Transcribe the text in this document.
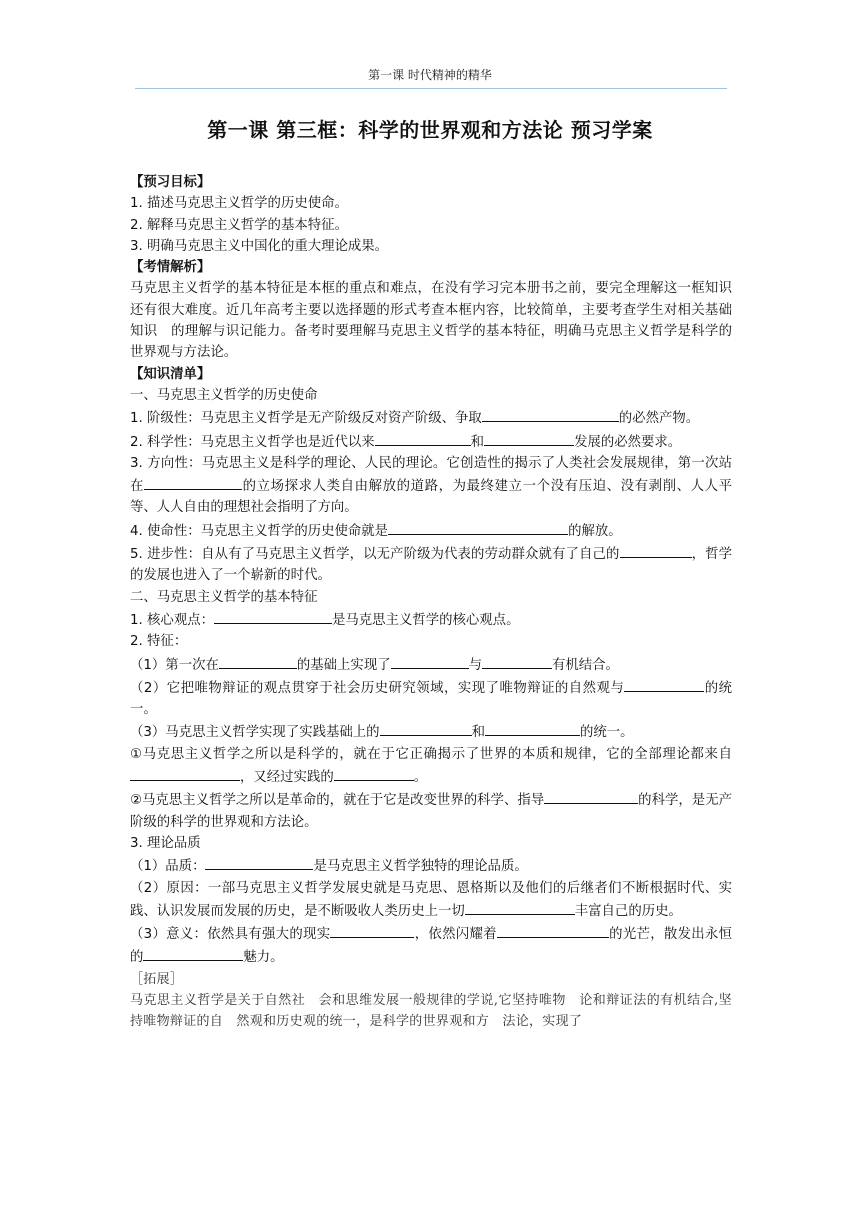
第一课 时代精神的精华
第一课 第三框：科学的世界观和方法论 预习学案

【预习目标】

1. 描述马克思主义哲学的历史使命。

2. 解释马克思主义哲学的基本特征。

3. 明确马克思主义中国化的重大理论成果。

【考情解析】

马克思主义哲学的基本特征是本框的重点和难点，在没有学习完本册书之前，要完全理解这一框知识还有很大难度。近几年高考主要以选择题的形式考查本框内容，比较简单，主要考查学生对相关基础知识　的理解与识记能力。备考时要理解马克思主义哲学的基本特征，明确马克思主义哲学是科学的世界观与方法论。

【知识清单】

一、马克思主义哲学的历史使命

1. 阶级性：马克思主义哲学是无产阶级反对资产阶级、争取	的必然产物。

2. 科学性：马克思主义哲学也是近代以来	和	发展的必然要求。

3. 方向性：马克思主义是科学的理论、人民的理论。它创造性的揭示了人类社会发展规律，第一次站在	的立场探求人类自由解放的道路，为最终建立一个没有压迫、没有剥削、人人平等、人人自由的理想社会指明了方向。

4. 使命性：马克思主义哲学的历史使命就是	的解放。

5. 进步性：自从有了马克思主义哲学，以无产阶级为代表的劳动群众就有了自己的	，哲学的发展也进入了一个崭新的时代。

二、马克思主义哲学的基本特征

1. 核心观点：	是马克思主义哲学的核心观点。

2. 特征：

（1）第一次在	的基础上实现了	与	有机结合。

（2）它把唯物辩证的观点贯穿于社会历史研究领域，实现了唯物辩证的自然观与	的统一。

（3）马克思主义哲学实现了实践基础上的	和	的统一。

①马克思主义哲学之所以是科学的，就在于它正确揭示了世界的本质和规律，它的全部理论都来自，又经过实践的	。

②马克思主义哲学之所以是革命的，就在于它是改变世界的科学、指导	的科学，是无产阶级的科学的世界观和方法论。

3. 理论品质

（1）品质：	是马克思主义哲学独特的理论品质。

（2）原因：一部马克思主义哲学发展史就是马克思、恩格斯以及他们的后继者们不断根据时代、实践、认识发展而发展的历史，是不断吸收人类历史上一切	丰富自己的历史。

（3）意义：依然具有强大的现实	，依然闪耀着	的光芒，散发出永恒的	魅力。

［拓展］

马克思主义哲学是关于自然社　会和思维发展一般规律的学说,它坚持唯物　论和辩证法的有机结合,坚持唯物辩证的自　然观和历史观的统一，是科学的世界观和方　法论，实现了
